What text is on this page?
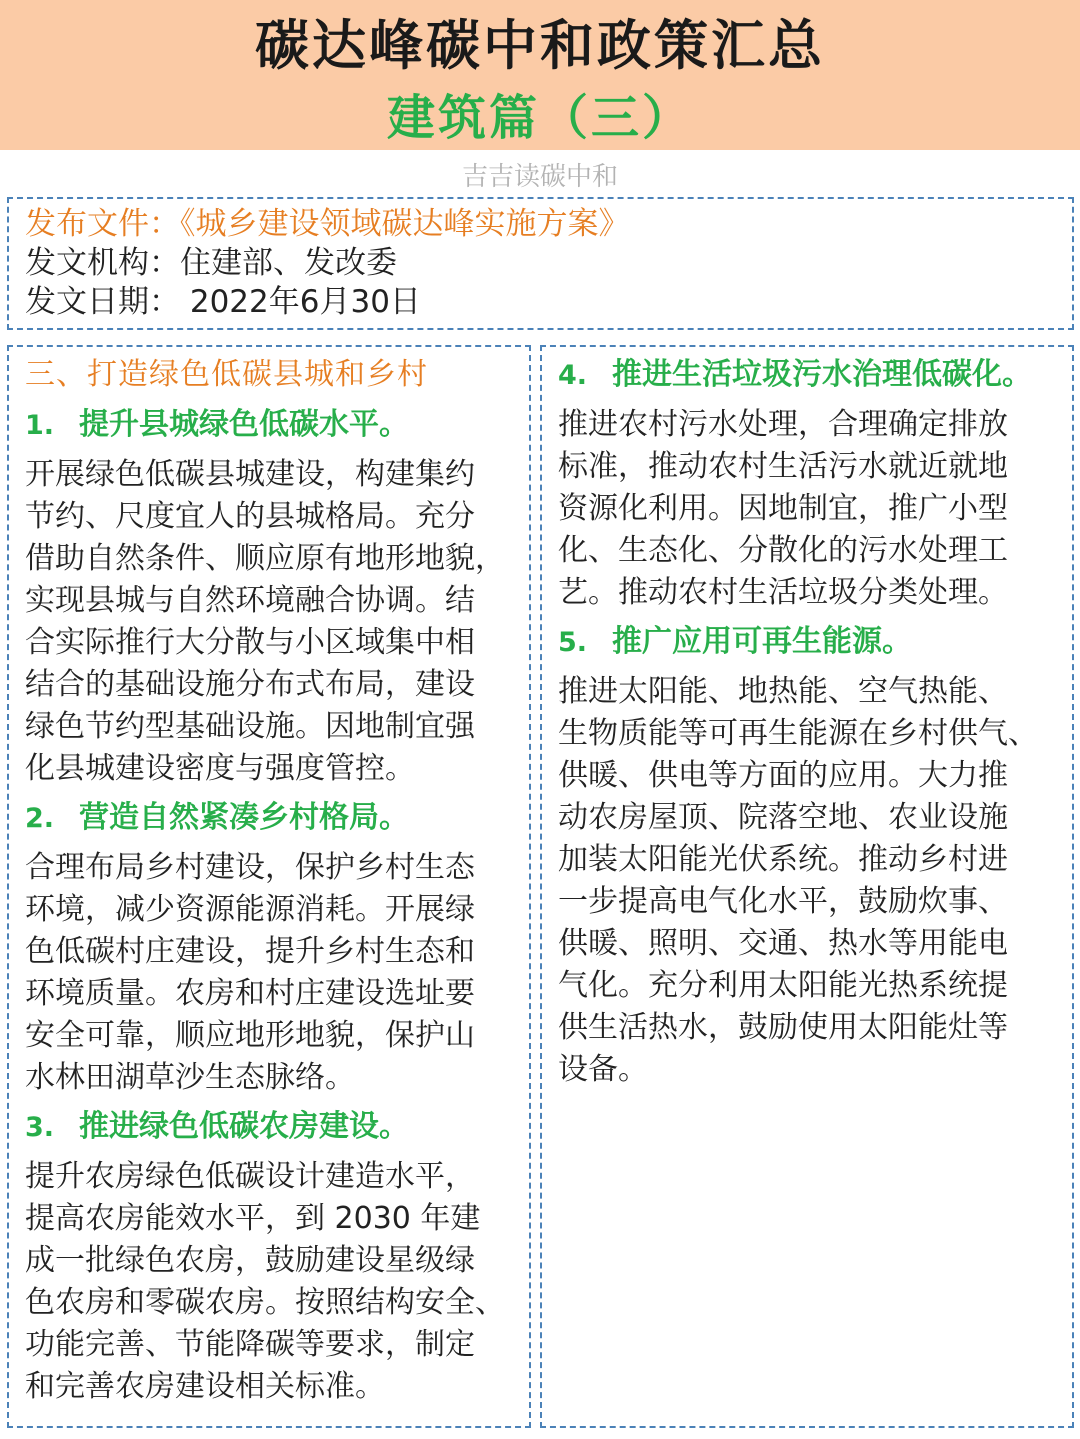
碳达峰碳中和政策汇总
建筑篇（三）
吉吉读碳中和
发布文件：《城乡建设领域碳达峰实施方案》
发文机构：住建部、发改委
发文日期： 2022年6月30日
三、打造绿色低碳县城和乡村
1. 提升县城绿色低碳水平。
开展绿色低碳县城建设，构建集约
节约、尺度宜人的县城格局。充分
借助自然条件、顺应原有地形地貌，
实现县城与自然环境融合协调。结
合实际推行大分散与小区域集中相
结合的基础设施分布式布局，建设
绿色节约型基础设施。因地制宜强
化县城建设密度与强度管控。
2. 营造自然紧凑乡村格局。
合理布局乡村建设，保护乡村生态
环境，减少资源能源消耗。开展绿
色低碳村庄建设，提升乡村生态和
环境质量。农房和村庄建设选址要
安全可靠，顺应地形地貌，保护山
水林田湖草沙生态脉络。
3. 推进绿色低碳农房建设。
提升农房绿色低碳设计建造水平，
提高农房能效水平，到 2030 年建
成一批绿色农房，鼓励建设星级绿
色农房和零碳农房。按照结构安全、
功能完善、节能降碳等要求，制定
和完善农房建设相关标准。
4. 推进生活垃圾污水治理低碳化。
推进农村污水处理，合理确定排放
标准，推动农村生活污水就近就地
资源化利用。因地制宜，推广小型
化、生态化、分散化的污水处理工
艺。推动农村生活垃圾分类处理。
5. 推广应用可再生能源。
推进太阳能、地热能、空气热能、
生物质能等可再生能源在乡村供气、
供暖、供电等方面的应用。大力推
动农房屋顶、院落空地、农业设施
加装太阳能光伏系统。推动乡村进
一步提高电气化水平，鼓励炊事、
供暖、照明、交通、热水等用能电
气化。充分利用太阳能光热系统提
供生活热水，鼓励使用太阳能灶等
设备。
